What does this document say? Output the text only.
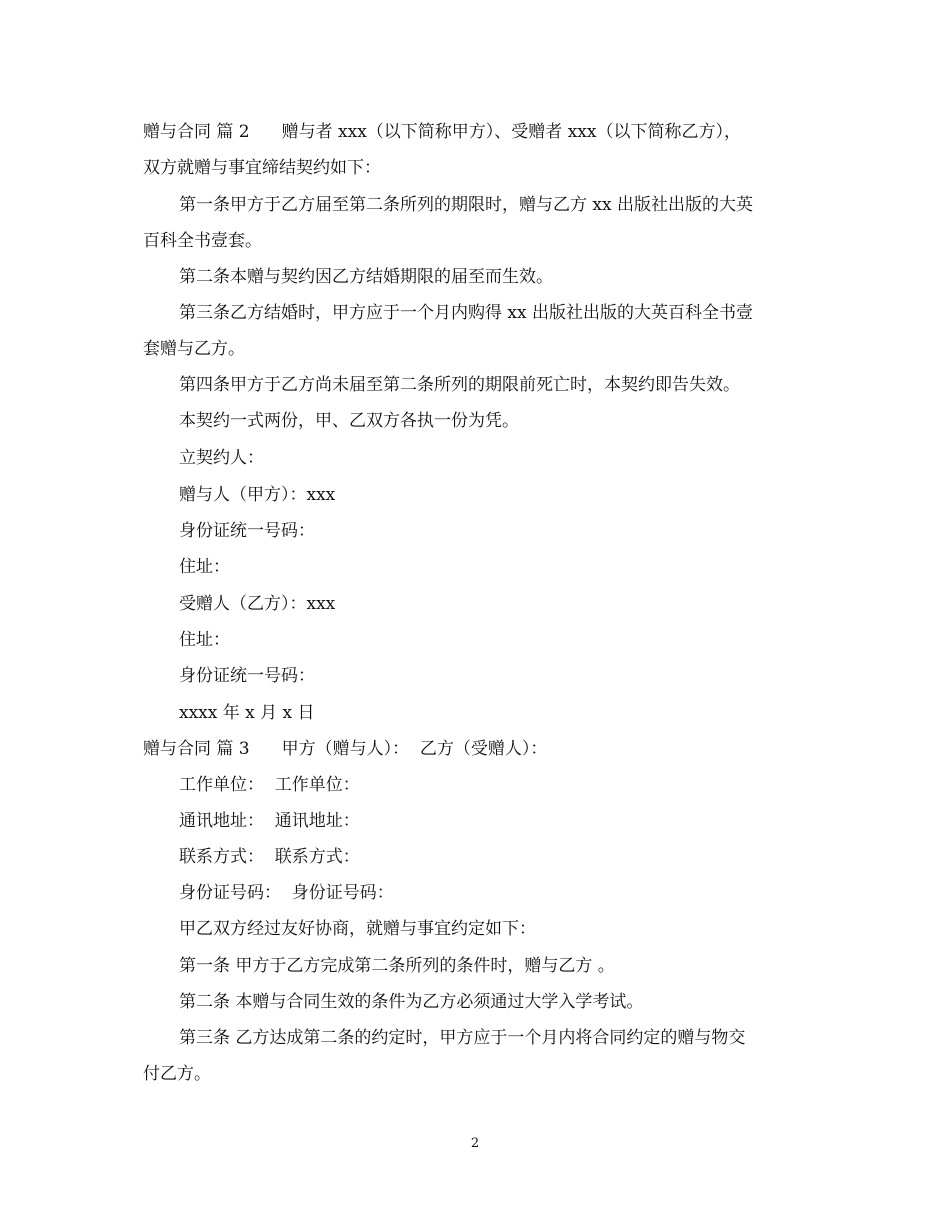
赠与合同 篇 2 赠与者 xxx（以下简称甲方）、受赠者 xxx（以下简称乙方），
双方就赠与事宜缔结契约如下：
第一条甲方于乙方届至第二条所列的期限时，赠与乙方 xx 出版社出版的大英
百科全书壹套。
第二条本赠与契约因乙方结婚期限的届至而生效。
第三条乙方结婚时，甲方应于一个月内购得 xx 出版社出版的大英百科全书壹
套赠与乙方。
第四条甲方于乙方尚未届至第二条所列的期限前死亡时，本契约即告失效。
本契约一式两份，甲、乙双方各执一份为凭。
立契约人：
赠与人（甲方）：xxx
身份证统一号码：
住址：
受赠人（乙方）：xxx
住址：
身份证统一号码：
xxxx 年 x 月 x 日
赠与合同 篇 3 甲方（赠与人）：  乙方（受赠人）：
工作单位：  工作单位：
通讯地址：  通讯地址：
联系方式：  联系方式：
身份证号码：  身份证号码：
甲乙双方经过友好协商，就赠与事宜约定如下：
第一条 甲方于乙方完成第二条所列的条件时，赠与乙方 。
第二条 本赠与合同生效的条件为乙方必须通过大学入学考试。
第三条 乙方达成第二条的约定时，甲方应于一个月内将合同约定的赠与物交
付乙方。
2
